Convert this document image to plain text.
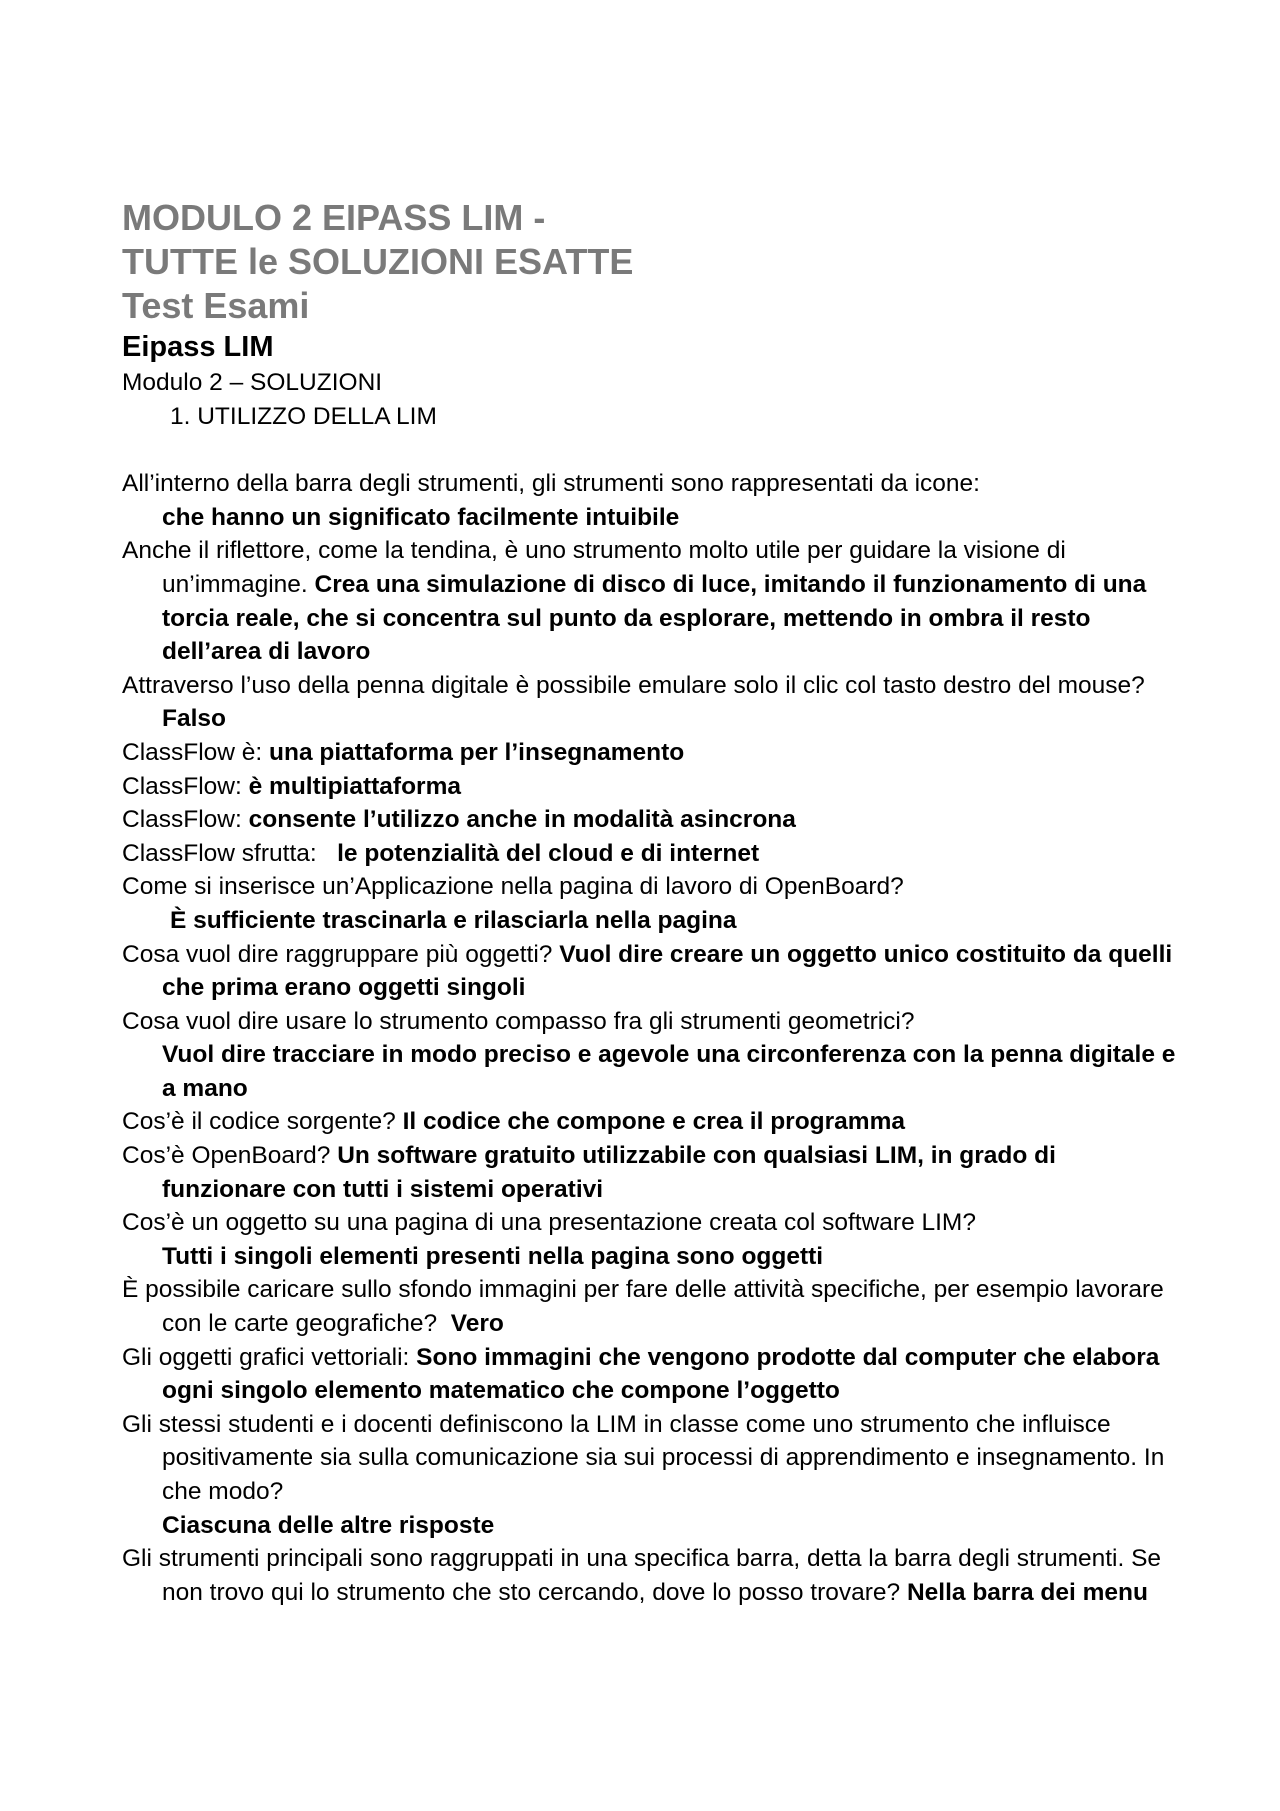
MODULO 2 EIPASS LIM -

TUTTE le SOLUZIONI ESATTE

Test Esami

Eipass LIM

Modulo 2 – SOLUZIONI

1. UTILIZZO DELLA LIM

All’interno della barra degli strumenti, gli strumenti sono rappresentati da icone:
che hanno un significato facilmente intuibile

Anche il riflettore, come la tendina, è uno strumento molto utile per guidare la visione di un’immagine. Crea una simulazione di disco di luce, imitando il funzionamento di una torcia reale, che si concentra sul punto da esplorare, mettendo in ombra il resto dell’area di lavoro

Attraverso l’uso della penna digitale è possibile emulare solo il clic col tasto destro del mouse?  Falso

ClassFlow è: una piattaforma per l’insegnamento

ClassFlow: è multipiattaforma

ClassFlow: consente l’utilizzo anche in modalità asincrona

ClassFlow sfrutta: le potenzialità del cloud e di internet

Come si inserisce un’Applicazione nella pagina di lavoro di OpenBoard?
È sufficiente trascinarla e rilasciarla nella pagina

Cosa vuol dire raggruppare più oggetti? Vuol dire creare un oggetto unico costituito da quelli che prima erano oggetti singoli

Cosa vuol dire usare lo strumento compasso fra gli strumenti geometrici?
Vuol dire tracciare in modo preciso e agevole una circonferenza con la penna digitale e a mano

Cos’è il codice sorgente? Il codice che compone e crea il programma

Cos’è OpenBoard? Un software gratuito utilizzabile con qualsiasi LIM, in grado di funzionare con tutti i sistemi operativi

Cos’è un oggetto su una pagina di una presentazione creata col software LIM?
Tutti i singoli elementi presenti nella pagina sono oggetti

È possibile caricare sullo sfondo immagini per fare delle attività specifiche, per esempio lavorare con le carte geografiche? Vero

Gli oggetti grafici vettoriali: Sono immagini che vengono prodotte dal computer che elabora ogni singolo elemento matematico che compone l’oggetto

Gli stessi studenti e i docenti definiscono la LIM in classe come uno strumento che influisce positivamente sia sulla comunicazione sia sui processi di apprendimento e insegnamento. In che modo?
Ciascuna delle altre risposte

Gli strumenti principali sono raggruppati in una specifica barra, detta la barra degli strumenti. Se non trovo qui lo strumento che sto cercando, dove lo posso trovare? Nella barra dei menu
